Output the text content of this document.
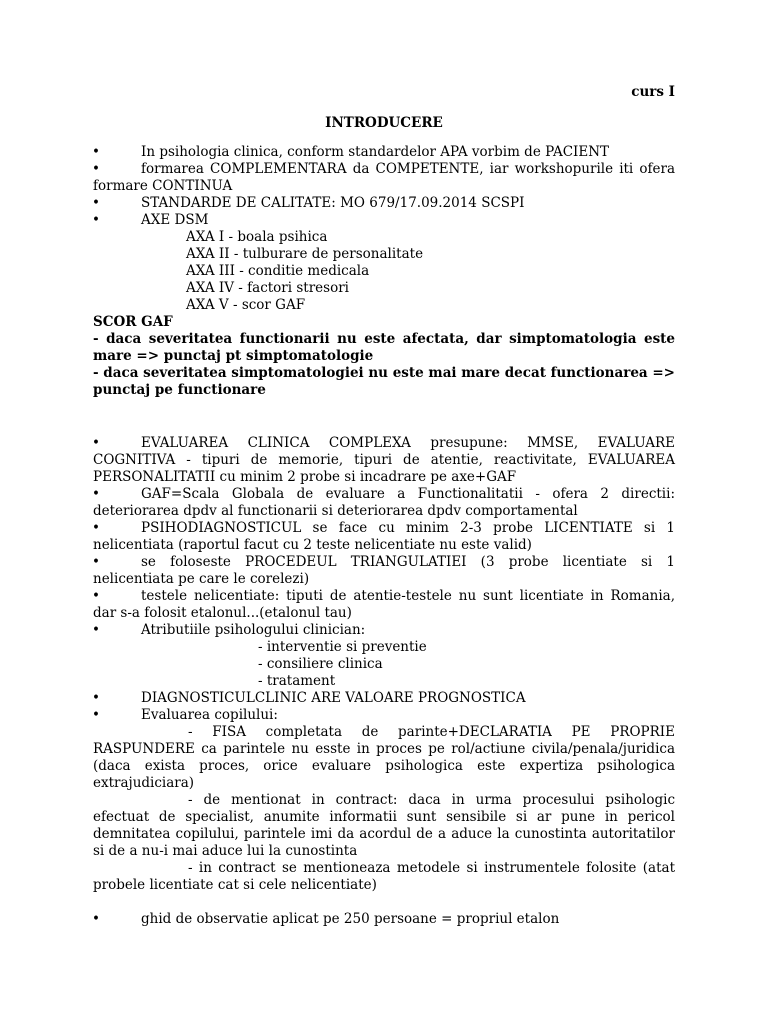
curs I
INTRODUCERE
•	In psihologia clinica, conform standardelor APA vorbim de PACIENT
•	formarea COMPLEMENTARA da COMPETENTE, iar workshopurile iti ofera formare CONTINUA
•	STANDARDE DE CALITATE: MO 679/17.09.2014 SCSPI
•	AXE DSM
AXA I - boala psihica
AXA II - tulburare de personalitate
AXA III - conditie medicala
AXA IV - factori stresori
AXA V - scor GAF
SCOR GAF
- daca severitatea functionarii nu este afectata, dar simptomatologia este mare => punctaj pt simptomatologie
- daca severitatea simptomatologiei nu este mai mare decat functionarea => punctaj pe functionare
•	EVALUAREA CLINICA COMPLEXA presupune: MMSE, EVALUARE COGNITIVA - tipuri de memorie, tipuri de atentie, reactivitate, EVALUAREA PERSONALITATII cu minim 2 probe si incadrare pe axe+GAF
•	GAF=Scala Globala de evaluare a Functionalitatii - ofera 2 directii: deteriorarea dpdv al functionarii si deteriorarea dpdv comportamental
•	PSIHODIAGNOSTICUL se face cu minim 2-3 probe LICENTIATE si 1 nelicentiata (raportul facut cu 2 teste nelicentiate nu este valid)
•	se foloseste PROCEDEUL TRIANGULATIEI (3 probe licentiate si 1 nelicentiata pe care le corelezi)
•	testele nelicentiate: tiputi de atentie-testele nu sunt licentiate in Romania, dar s-a folosit etalonul...(etalonul tau)
•	Atributiile psihologului clinician:
- interventie si preventie
- consiliere clinica
- tratament
•	DIAGNOSTICULCLINIC ARE VALOARE PROGNOSTICA
•	Evaluarea copilului:
- FISA completata de parinte+DECLARATIA PE PROPRIE RASPUNDERE ca parintele nu esste in proces pe rol/actiune civila/penala/juridica (daca exista proces, orice evaluare psihologica este expertiza psihologica extrajudiciara)
- de mentionat in contract: daca in urma procesului psihologic efectuat de specialist, anumite informatii sunt sensibile si ar pune in pericol demnitatea copilului, parintele imi da acordul de a aduce la cunostinta autoritatilor si de a nu-i mai aduce lui la cunostinta
- in contract se mentioneaza metodele si instrumentele folosite (atat probele licentiate cat si cele nelicentiate)
•	ghid de observatie aplicat pe 250 persoane = propriul etalon
